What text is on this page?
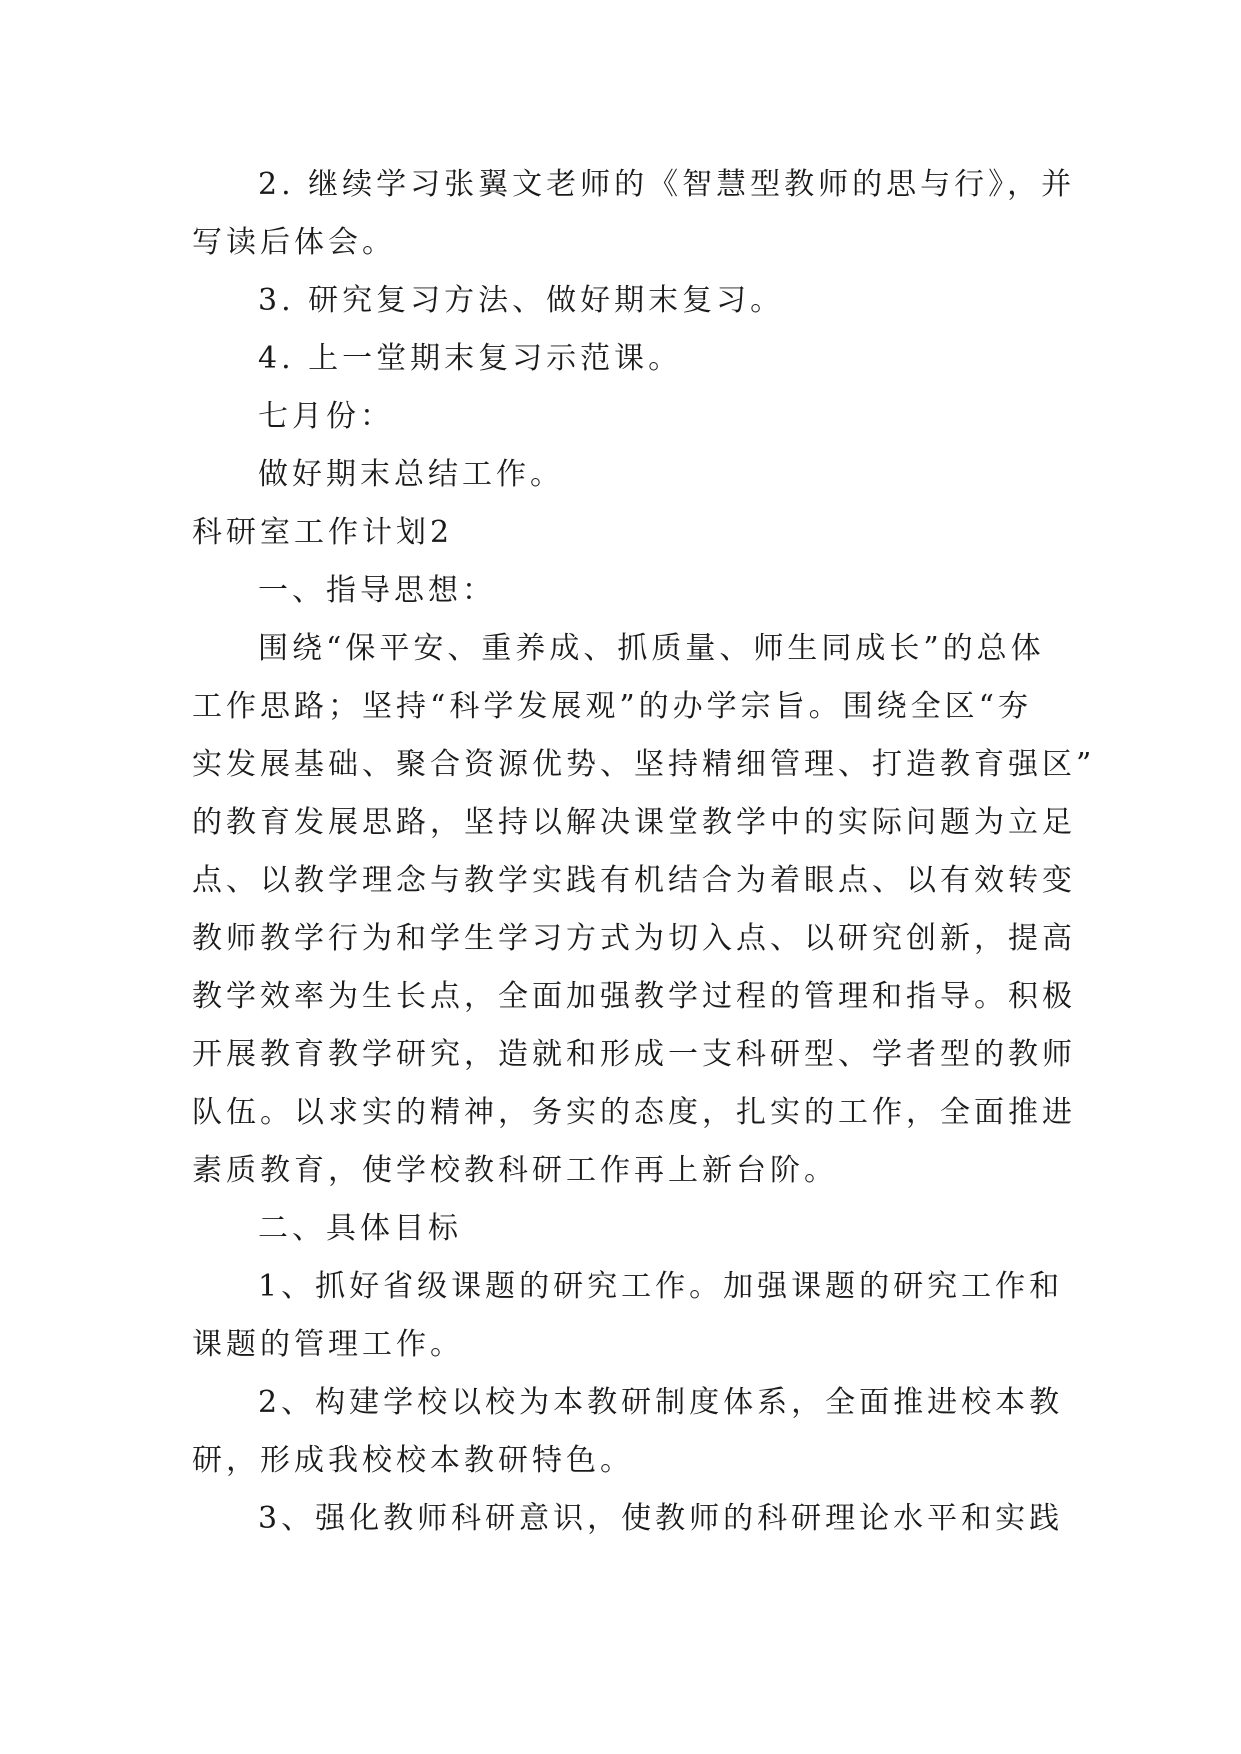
2. 继续学习张翼文老师的《智慧型教师的思与行》，并
写读后体会。
3. 研究复习方法、做好期末复习。
4. 上一堂期末复习示范课。
七月份：
做好期末总结工作。
科研室工作计划2
一、指导思想：
围绕“保平安、重养成、抓质量、师生同成长”的总体
工作思路；坚持“科学发展观”的办学宗旨。围绕全区“夯
实发展基础、聚合资源优势、坚持精细管理、打造教育强区”
的教育发展思路，坚持以解决课堂教学中的实际问题为立足
点、以教学理念与教学实践有机结合为着眼点、以有效转变
教师教学行为和学生学习方式为切入点、以研究创新，提高
教学效率为生长点，全面加强教学过程的管理和指导。积极
开展教育教学研究，造就和形成一支科研型、学者型的教师
队伍。以求实的精神，务实的态度，扎实的工作，全面推进
素质教育，使学校教科研工作再上新台阶。
二、具体目标
1、抓好省级课题的研究工作。加强课题的研究工作和
课题的管理工作。
2、构建学校以校为本教研制度体系，全面推进校本教
研，形成我校校本教研特色。
3、强化教师科研意识，使教师的科研理论水平和实践
